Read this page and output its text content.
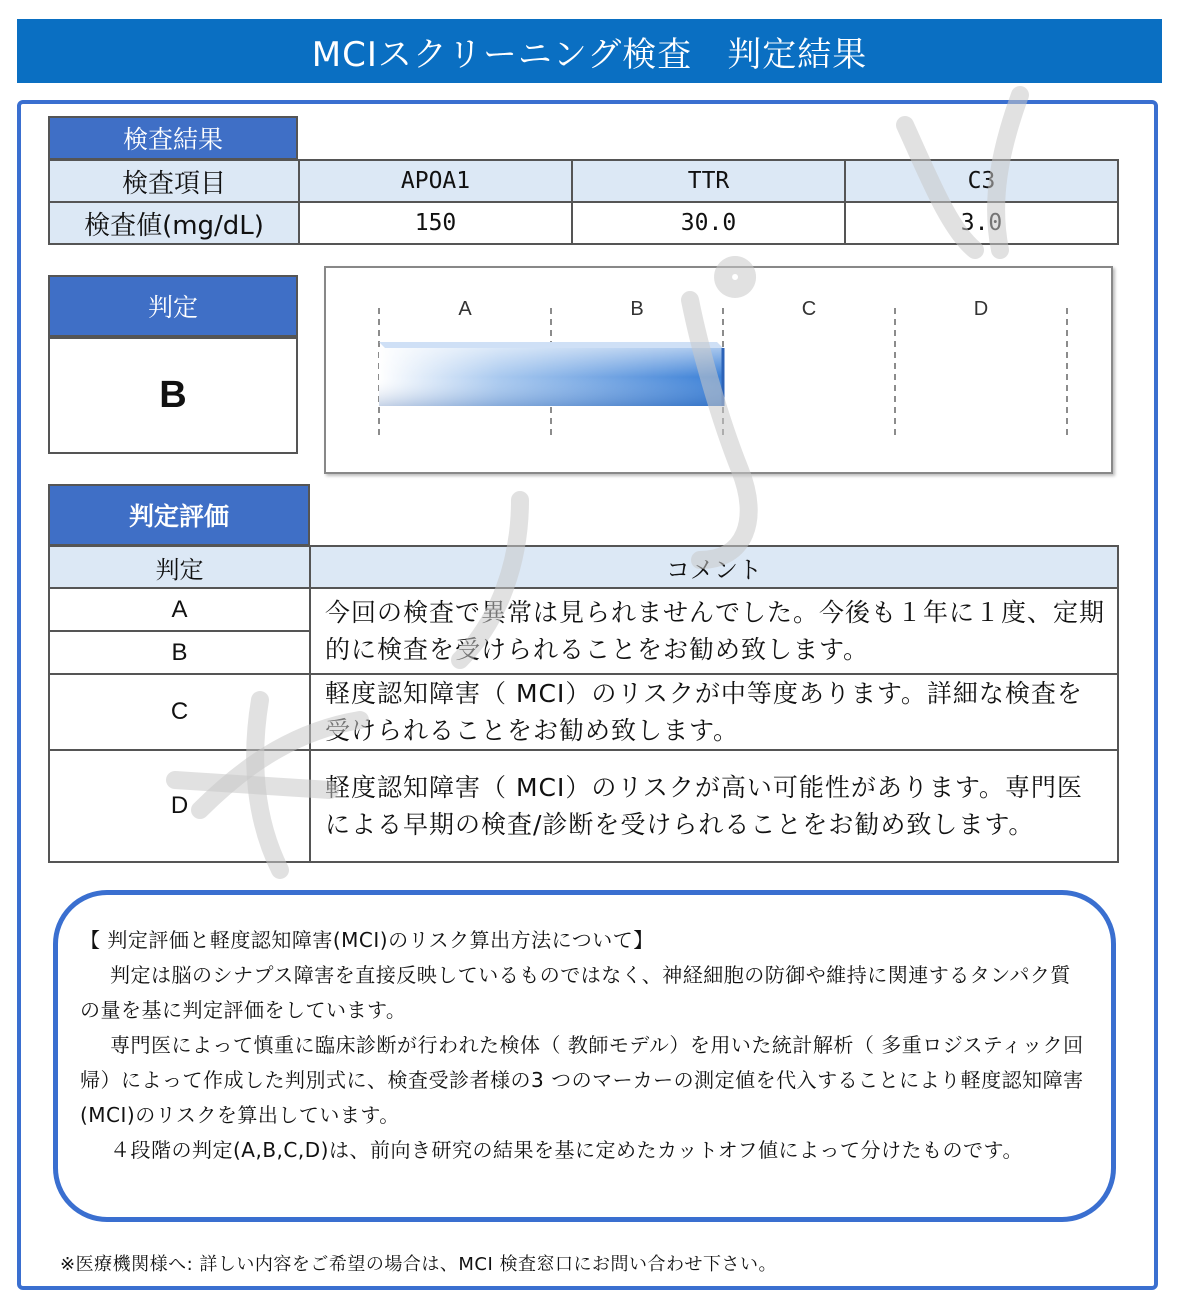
MCIスクリーニング検査　判定結果
検査結果
検査項目	APOA1	TTR	C3
検査値(mg/dL)	150	30.0	3.0
判定
B
A	B	C	D
判定評価
判定	コメント
A	今回の検査で異常は見られませんでした。今後も１年に１度、定期的に検査を受けられることをお勧め致します。
B	
C	軽度認知障害（ MCI）のリスクが中等度あります。詳細な検査を受けられることをお勧め致します。
D	軽度認知障害（ MCI）のリスクが高い可能性があります。専門医による早期の検査/診断を受けられることをお勧め致します。

【 判定評価と軽度認知障害(MCI)のリスク算出方法について】

判定は脳のシナプス障害を直接反映しているものではなく、神経細胞の防御や維持に関連するタンパク質の量を基に判定評価をしています。

専門医によって慎重に臨床診断が行われた検体（ 教師モデル）を用いた統計解析（ 多重ロジスティック回帰）によって作成した判別式に、検査受診者様の3 つのマーカーの測定値を代入することにより軽度認知障害(MCI)のリスクを算出しています。

４段階の判定(A,B,C,D)は、前向き研究の結果を基に定めたカットオフ値によって分けたものです。

※医療機関様へ: 詳しい内容をご希望の場合は、MCI 検査窓口にお問い合わせ下さい。
